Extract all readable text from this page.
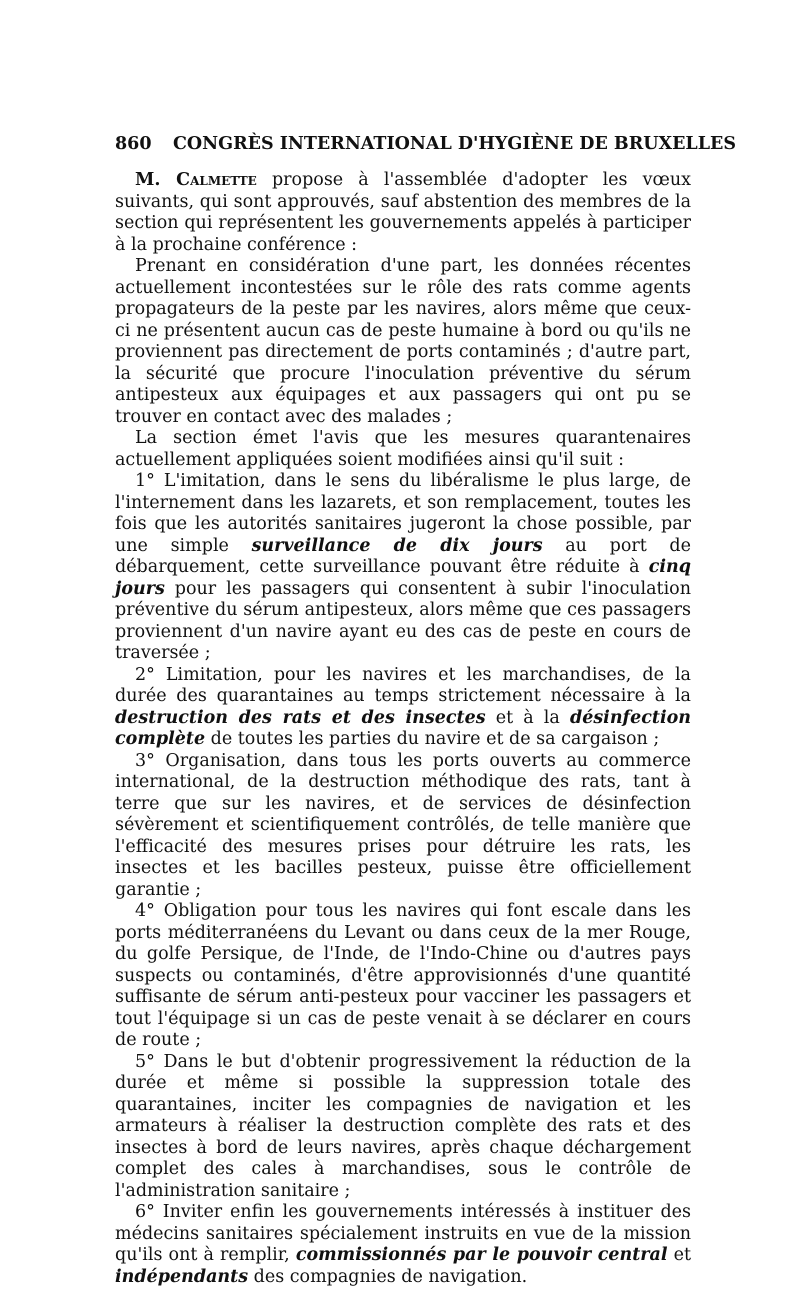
860 CONGRÈS INTERNATIONAL D'HYGIÈNE DE BRUXELLES

M. Calmette propose à l'assemblée d'adopter les vœux suivants, qui sont approuvés, sauf abstention des membres de la section qui représentent les gouvernements appelés à participer à la prochaine conférence :

Prenant en considération d'une part, les données récentes actuellement incontestées sur le rôle des rats comme agents propagateurs de la peste par les navires, alors même que ceux-ci ne présentent aucun cas de peste humaine à bord ou qu'ils ne proviennent pas directement de ports contaminés ; d'autre part, la sécurité que procure l'inoculation préventive du sérum antipesteux aux équipages et aux passagers qui ont pu se trouver en contact avec des malades ;

La section émet l'avis que les mesures quarantenaires actuellement appliquées soient modifiées ainsi qu'il suit :

1° L'imitation, dans le sens du libéralisme le plus large, de l'internement dans les lazarets, et son remplacement, toutes les fois que les autorités sanitaires jugeront la chose possible, par une simple surveillance de dix jours au port de débarquement, cette surveillance pouvant être réduite à cinq jours pour les passagers qui consentent à subir l'inoculation préventive du sérum antipesteux, alors même que ces passagers proviennent d'un navire ayant eu des cas de peste en cours de traversée ;

2° Limitation, pour les navires et les marchandises, de la durée des quarantaines au temps strictement nécessaire à la destruction des rats et des insectes et à la désinfection complète de toutes les parties du navire et de sa cargaison ;

3° Organisation, dans tous les ports ouverts au commerce international, de la destruction méthodique des rats, tant à terre que sur les navires, et de services de désinfection sévèrement et scientifiquement contrôlés, de telle manière que l'efficacité des mesures prises pour détruire les rats, les insectes et les bacilles pesteux, puisse être officiellement garantie ;

4° Obligation pour tous les navires qui font escale dans les ports méditerranéens du Levant ou dans ceux de la mer Rouge, du golfe Persique, de l'Inde, de l'Indo-Chine ou d'autres pays suspects ou contaminés, d'être approvisionnés d'une quantité suffisante de sérum anti-pesteux pour vacciner les passagers et tout l'équipage si un cas de peste venait à se déclarer en cours de route ;

5° Dans le but d'obtenir progressivement la réduction de la durée et même si possible la suppression totale des quarantaines, inciter les compagnies de navigation et les armateurs à réaliser la destruction complète des rats et des insectes à bord de leurs navires, après chaque déchargement complet des cales à marchandises, sous le contrôle de l'administration sanitaire ;

6° Inviter enfin les gouvernements intéressés à instituer des médecins sanitaires spécialement instruits en vue de la mission qu'ils ont à remplir, commissionnés par le pouvoir central et indépendants des compagnies de navigation.
